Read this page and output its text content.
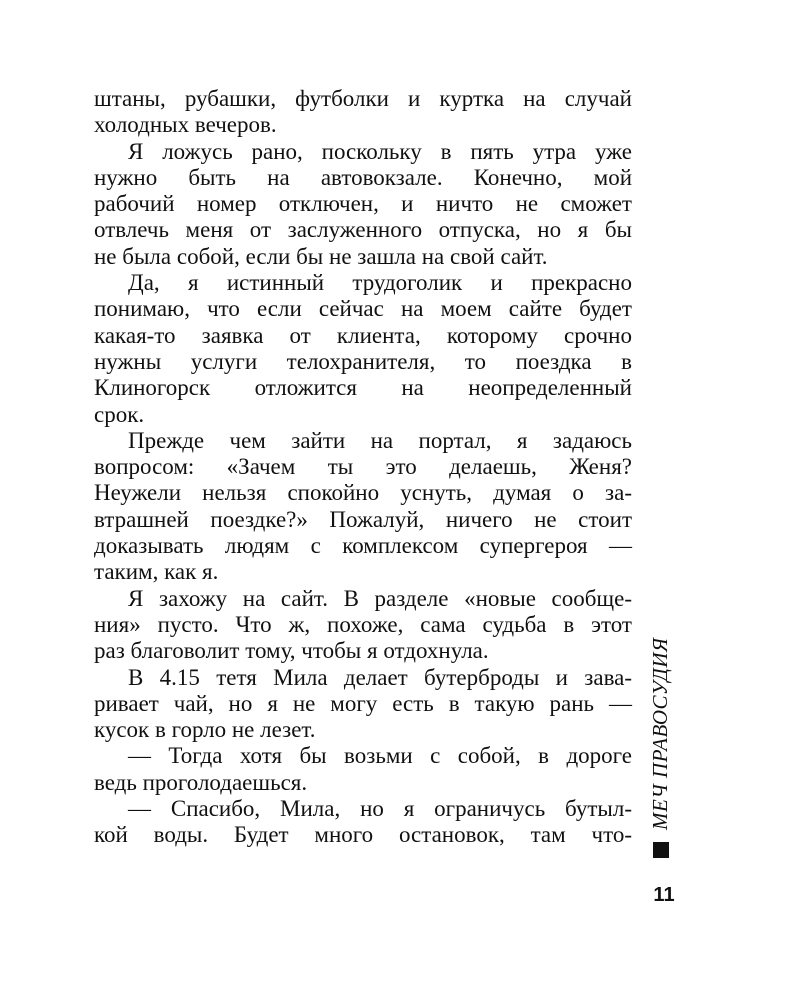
штаны, рубашки, футболки и куртка на случай
холодных вечеров.
Я ложусь рано, поскольку в пять утра уже
нужно быть на автовокзале. Конечно, мой
рабочий номер отключен, и ничто не сможет
отвлечь меня от заслуженного отпуска, но я бы
не была собой, если бы не зашла на свой сайт.
Да, я истинный трудоголик и прекрасно
понимаю, что если сейчас на моем сайте будет
какая-то заявка от клиента, которому срочно
нужны услуги телохранителя, то поездка в
Клиногорск отложится на неопределенный
срок.
Прежде чем зайти на портал, я задаюсь
вопросом: «Зачем ты это делаешь, Женя?
Неужели нельзя спокойно уснуть, думая о за-
втрашней поездке?» Пожалуй, ничего не стоит
доказывать людям с комплексом супергероя —
таким, как я.
Я захожу на сайт. В разделе «новые сообще-
ния» пусто. Что ж, похоже, сама судьба в этот
раз благоволит тому, чтобы я отдохнула.
В 4.15 тетя Мила делает бутерброды и зава-
ривает чай, но я не могу есть в такую рань —
кусок в горло не лезет.
— Тогда хотя бы возьми с собой, в дороге
ведь проголодаешься.
— Спасибо, Мила, но я ограничусь бутыл-
кой воды. Будет много остановок, там что-
МЕЧ ПРАВОСУДИЯ
11
